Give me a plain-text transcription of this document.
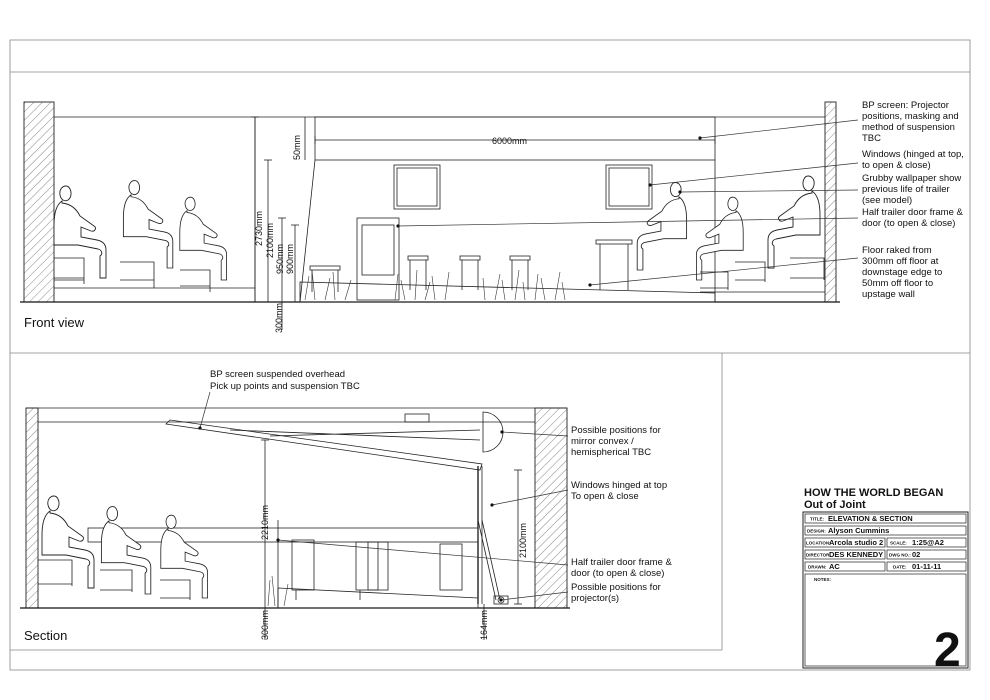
6000mm
50mm
2730mm 2100mm
950mm 900mm
300mm
Front view
BP screen: Projector positions, masking and method of suspension TBC
Windows (hinged at top, to open & close)
Grubby wallpaper show previous life of trailer (see model)
Half trailer door frame & door (to open & close)
Floor raked from 300mm off floor at downstage edge to 50mm off floor to upstage wall
BP screen suspended overhead Pick up points and suspension TBC
2210mm
2100mm
300mm	164mm
Section
Possible positions for mirror convex / hemispherical TBC
Windows hinged at top To open & close
Half trailer door frame & door (to open & close)
Possible positions for projector(s)
HOW THE WORLD BEGAN
Out of Joint
TITLE: ELEVATION & SECTION
DESIGN: Alyson Cummins
LOCATION:
Arcola studio 2 SCALE: 1:25@A2
DIRECTOR:
DES KENNEDY DWG NO.: 02
DRAWN: AC	DATE: 01-11-11
NOTES:
2
